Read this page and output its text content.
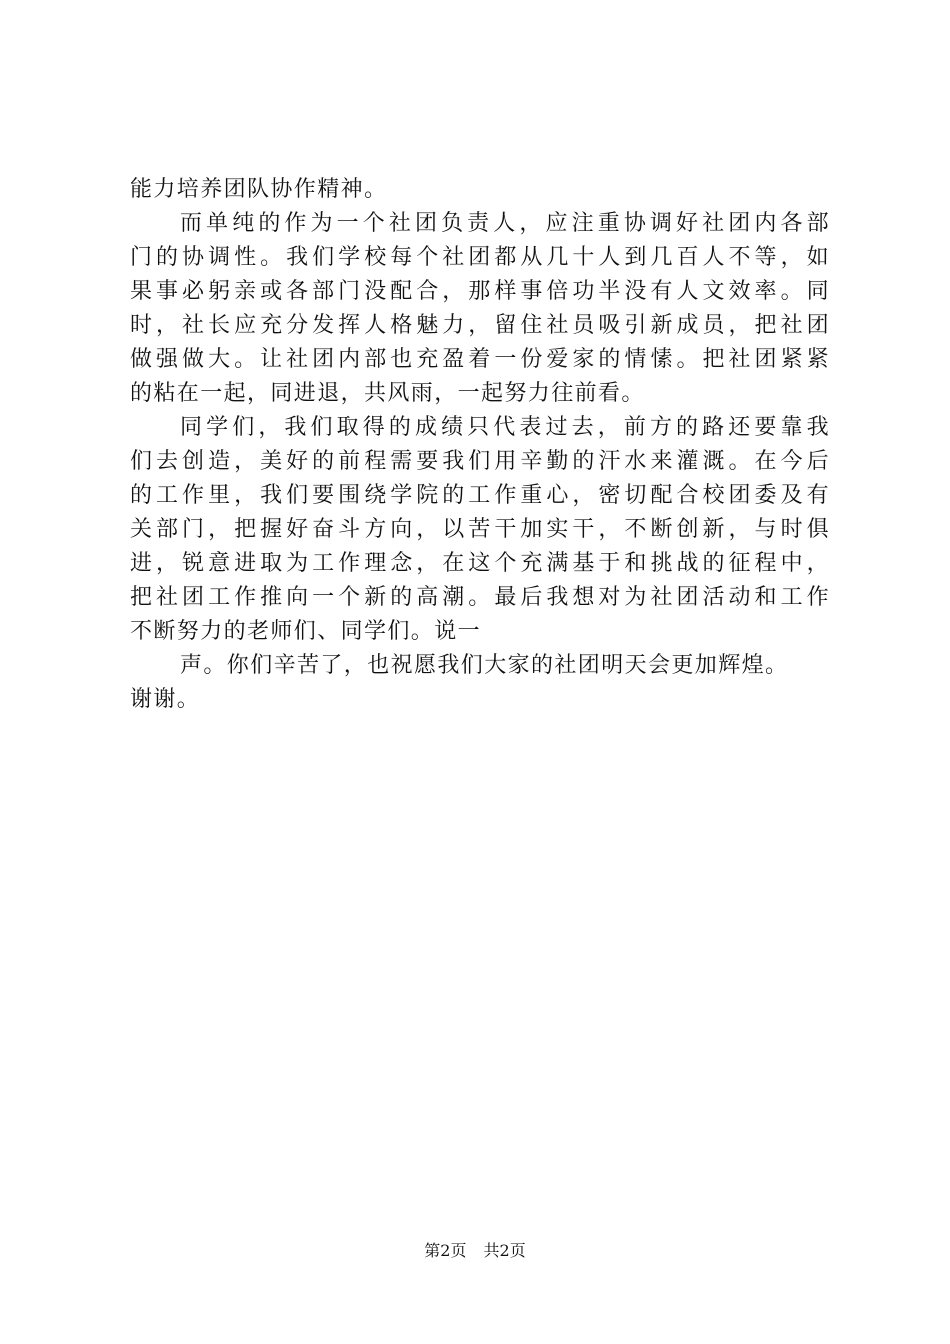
能力培养团队协作精神。
而单纯的作为一个社团负责人，应注重协调好社团内各部
门的协调性。我们学校每个社团都从几十人到几百人不等，如
果事必躬亲或各部门没配合，那样事倍功半没有人文效率。同
时，社长应充分发挥人格魅力，留住社员吸引新成员，把社团
做强做大。让社团内部也充盈着一份爱家的情愫。把社团紧紧
的粘在一起，同进退，共风雨，一起努力往前看。
同学们，我们取得的成绩只代表过去，前方的路还要靠我
们去创造，美好的前程需要我们用辛勤的汗水来灌溉。在今后
的工作里，我们要围绕学院的工作重心，密切配合校团委及有
关部门，把握好奋斗方向，以苦干加实干，不断创新，与时俱
进，锐意进取为工作理念，在这个充满基于和挑战的征程中，
把社团工作推向一个新的高潮。最后我想对为社团活动和工作
不断努力的老师们、同学们。说一
声。你们辛苦了，也祝愿我们大家的社团明天会更加辉煌。
谢谢。
第2页 共2页
